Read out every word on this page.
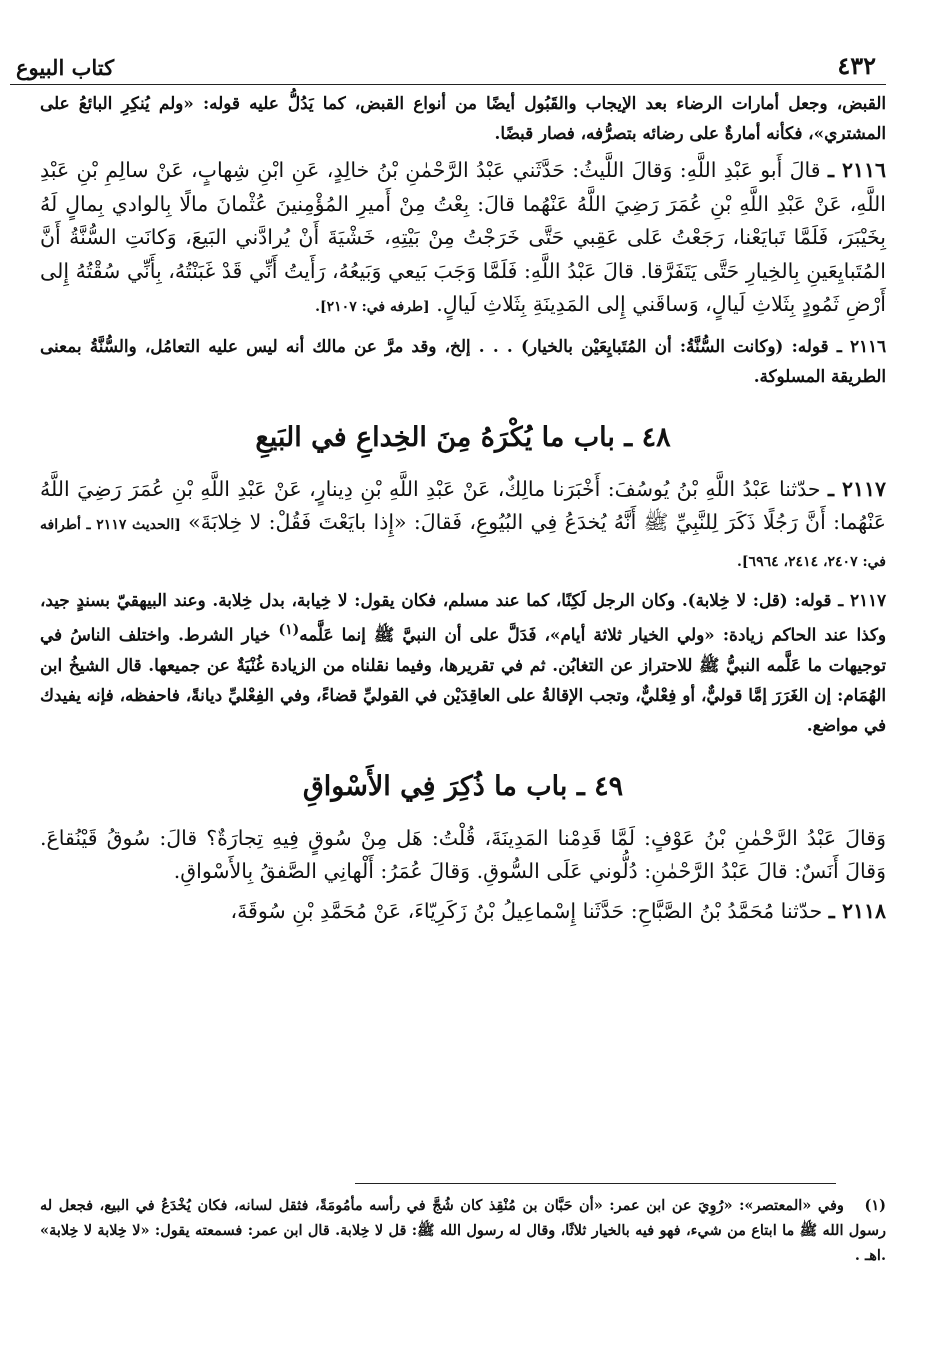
٤٣٢
كتاب البيوع

القبض، وجعل أمارات الرضاء بعد الإيجاب والقَبُول أيضًا من أنواع القبض، كما يَدُلُّ عليه قوله: «ولم يُنكِرِ البائعُ على المشتري»، فكأنه أمارةٌ على رضائه بتصرُّفه، فصار قبضًا.

٢١١٦ ـ قالَ أَبو عَبْدِ اللَّهِ: وَقالَ اللَّيثُ: حَدَّثَني عَبْدُ الرَّحْمٰنِ بْنُ خالِدٍ، عَنِ ابْنِ شِهابٍ، عَنْ سالِمِ بْنِ عَبْدِ اللَّهِ، عَنْ عَبْدِ اللَّهِ بْنِ عُمَرَ رَضِيَ اللَّهُ عَنْهُما قالَ: بِعْتُ مِنْ أَميرِ المُؤْمِنينَ عُثْمانَ مالًا بِالوادي بِمالٍ لَهُ بِخَيْبَرَ، فَلَمَّا تَبايَعْنا، رَجَعْتُ عَلى عَقِبي حَتَّى خَرَجْتُ مِنْ بَيْتِهِ، خَشْيَةَ أَنْ يُرادَّني البَيعَ، وَكانَتِ السُّنَّةُ أَنَّ المُتَبايِعَينِ بِالخِيارِ حَتَّى يَتَفَرَّقا. قالَ عَبْدُ اللَّهِ: فَلَمَّا وَجَبَ بَيعي وَبَيعُهُ، رَأَيتُ أَنِّي قَدْ غَبَنْتُهُ، بِأَنِّي سُقْتُهُ إِلى أَرْضِ ثَمُودٍ بِثَلاثِ لَيالٍ، وَساقَني إِلى المَدِينَةِ بِثَلاثِ لَيالٍ. [طرفه في: ٢١٠٧].

٢١١٦ ـ قوله: (وكانت السُّنَّةُ: أن المُتَبايِعَيْن بالخيار) . . . إلخ، وقد مرَّ عن مالك أنه ليس عليه التعامُل، والسُّنَّةُ بمعنى الطريقة المسلوكة.

٤٨ ـ باب ما يُكْرَهُ مِنَ الخِداعِ في البَيعِ

٢١١٧ ـ حدّثنا عَبْدُ اللَّهِ بْنُ يُوسُفَ: أَخْبَرَنا مالِكٌ، عَنْ عَبْدِ اللَّهِ بْنِ دِينارٍ، عَنْ عَبْدِ اللَّهِ بْنِ عُمَرَ رَضِيَ اللَّهُ عَنْهُما: أَنَّ رَجُلًا ذَكَرَ لِلنَّبِيِّ ﷺ أَنَّهُ يُخدَعُ فِي البُيُوعِ، فَقالَ: «إِذا بايَعْتَ فَقُلْ: لا خِلابَةَ» [الحديث ٢١١٧ ـ أطرافه في: ٢٤٠٧، ٢٤١٤، ٦٩٦٤].

٢١١٧ ـ قوله: (قل: لا خِلابة). وكان الرجل لَكِنًا، كما عند مسلم، فكان يقول: لا خِيابة، بدل خِلابة. وعند البيهقيّ بسندٍ جيد، وكذا عند الحاكم زيادة: «ولي الخيار ثلاثة أيام»، فَدَلَّ على أن النبيَّ ﷺ إنما عَلَّمه$^{(١)}$ خيار الشرط. واختلف الناسُ في توجيهات ما عَلَّمه النبيُّ ﷺ للاحتراز عن التغابُن. ثم في تقريرها، وفيما نقلناه من الزيادة غُنْيَةٌ عن جميعها. قال الشيخُ ابن الهُمَام: إن الغَرَرَ إمَّا قوليٌّ، أو فِعْليٌّ، وتجب الإقالةُ على العاقِدَيْن في القوليِّ قضاءً، وفي الفِعْليِّ ديانةً، فاحفظه، فإنه يفيدك في مواضع.

٤٩ ـ باب ما ذُكِرَ فِي الأَسْواقِ

وَقالَ عَبْدُ الرَّحْمٰنِ بْنُ عَوْفٍ: لَمَّا قَدِمْنا المَدِينَةَ، قُلْتُ: هَل مِنْ سُوقٍ فِيهِ تِجارَةٌ؟ قالَ: سُوقُ قَيْنُقاعَ. وَقالَ أَنَسٌ: قالَ عَبْدُ الرَّحْمٰنِ: دُلُّوني عَلَى السُّوقِ. وَقالَ عُمَرُ: أَلْهانِي الصَّفقُ بِالأَسْواقِ.

٢١١٨ ـ حدّثنا مُحَمَّدُ بْنُ الصَّبَّاحِ: حَدَّثَنا إِسْماعِيلُ بْنُ زَكَرِيّاءَ، عَنْ مُحَمَّدِ بْنِ سُوقَةَ،

(١) وفي «المعتصر»: «رُوِيَ عن ابن عمر: «أن حَبَّان بن مُنْقِذ كان شُجَّ في رأسه مأمُومَةً، فثقل لسانه، فكان يُخْدَعُ في البيع، فجعل له رسول الله ﷺ ما ابتاع من شيء، فهو فيه بالخيار ثلاثًا، وقال له رسول الله ﷺ: قل لا خِلابة. قال ابن عمر: فسمعته يقول: «لا خِلابة لا خِلابة» .اهـ .
